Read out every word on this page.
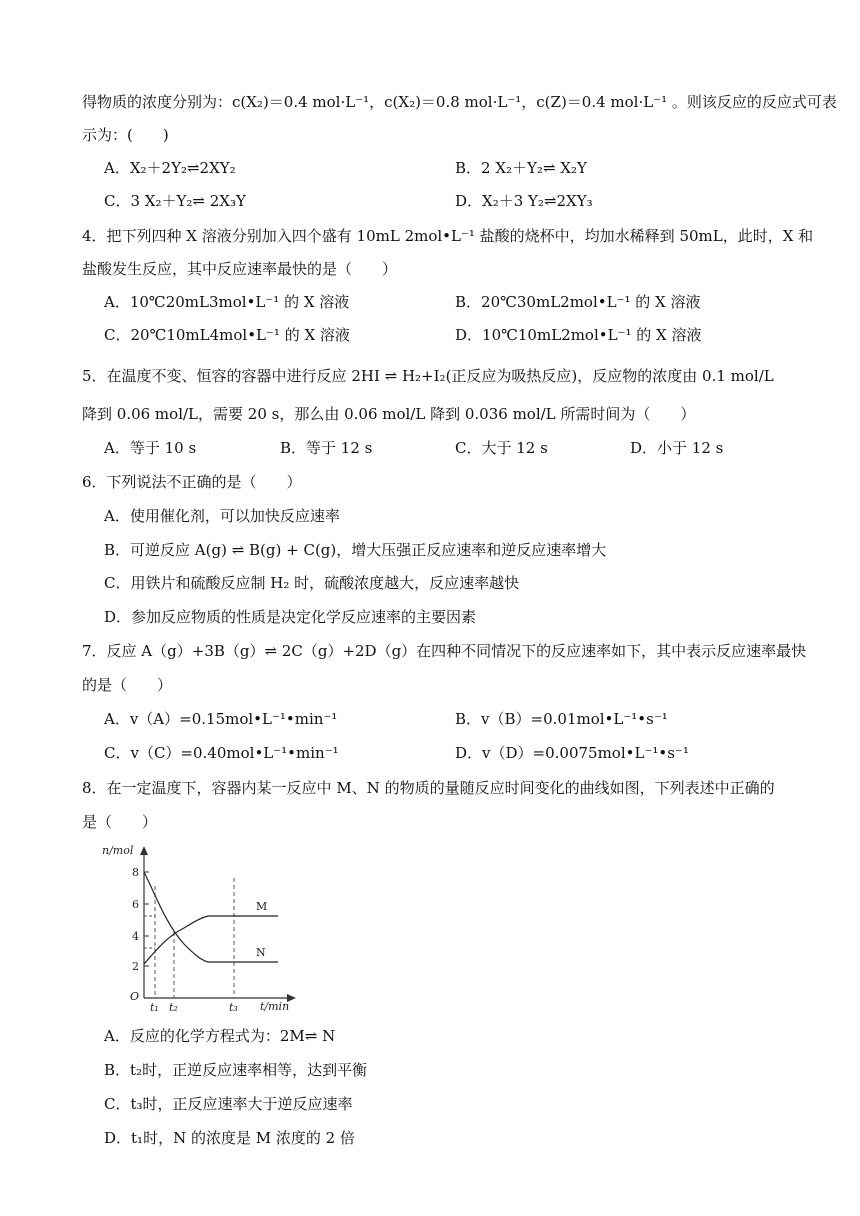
得物质的浓度分别为：c(X₂)＝0.4 mol·L⁻¹，c(X₂)＝0.8 mol·L⁻¹，c(Z)＝0.4 mol·L⁻¹ 。则该反应的反应式可表
示为：(　　)
A．X₂＋2Y₂⇌2XY₂	B．2 X₂＋Y₂⇌ X₂Y
C．3 X₂＋Y₂⇌ 2X₃Y	D．X₂＋3 Y₂⇌2XY₃
4．把下列四种 X 溶液分别加入四个盛有 10mL 2mol•L⁻¹ 盐酸的烧杯中，均加水稀释到 50mL，此时，X 和
盐酸发生反应，其中反应速率最快的是（　　）
A．10℃20mL3mol•L⁻¹ 的 X 溶液	B．20℃30mL2mol•L⁻¹ 的 X 溶液
C．20℃10mL4mol•L⁻¹ 的 X 溶液	D．10℃10mL2mol•L⁻¹ 的 X 溶液
5．在温度不变、恒容的容器中进行反应 2HI ⇌ H₂+I₂(正反应为吸热反应)，反应物的浓度由 0.1 mol/L
降到 0.06 mol/L，需要 20 s，那么由 0.06 mol/L 降到 0.036 mol/L 所需时间为（　　）
A．等于 10 s	B．等于 12 s	C．大于 12 s	D．小于 12 s
6．下列说法不正确的是（　　）
A．使用催化剂，可以加快反应速率
B．可逆反应 A(g) ⇌ B(g) + C(g)，增大压强正反应速率和逆反应速率增大
C．用铁片和硫酸反应制 H₂ 时，硫酸浓度越大，反应速率越快
D．参加反应物质的性质是决定化学反应速率的主要因素
7．反应 A（g）+3B（g）⇌ 2C（g）+2D（g）在四种不同情况下的反应速率如下，其中表示反应速率最快
的是（　　）
A．v（A）=0.15mol•L⁻¹•min⁻¹	B．v（B）=0.01mol•L⁻¹•s⁻¹
C．v（C）=0.40mol•L⁻¹•min⁻¹	D．v（D）=0.0075mol•L⁻¹•s⁻¹
8．在一定温度下，容器内某一反应中 M、N 的物质的量随反应时间变化的曲线如图，下列表述中正确的
是（　　）
n/mol
t/min
O
2
4
6
8
t₁ t₂	t₃
M
N
A．反应的化学方程式为：2M⇌ N
B．t₂时，正逆反应速率相等，达到平衡
C．t₃时，正反应速率大于逆反应速率
D．t₁时，N 的浓度是 M 浓度的 2 倍
